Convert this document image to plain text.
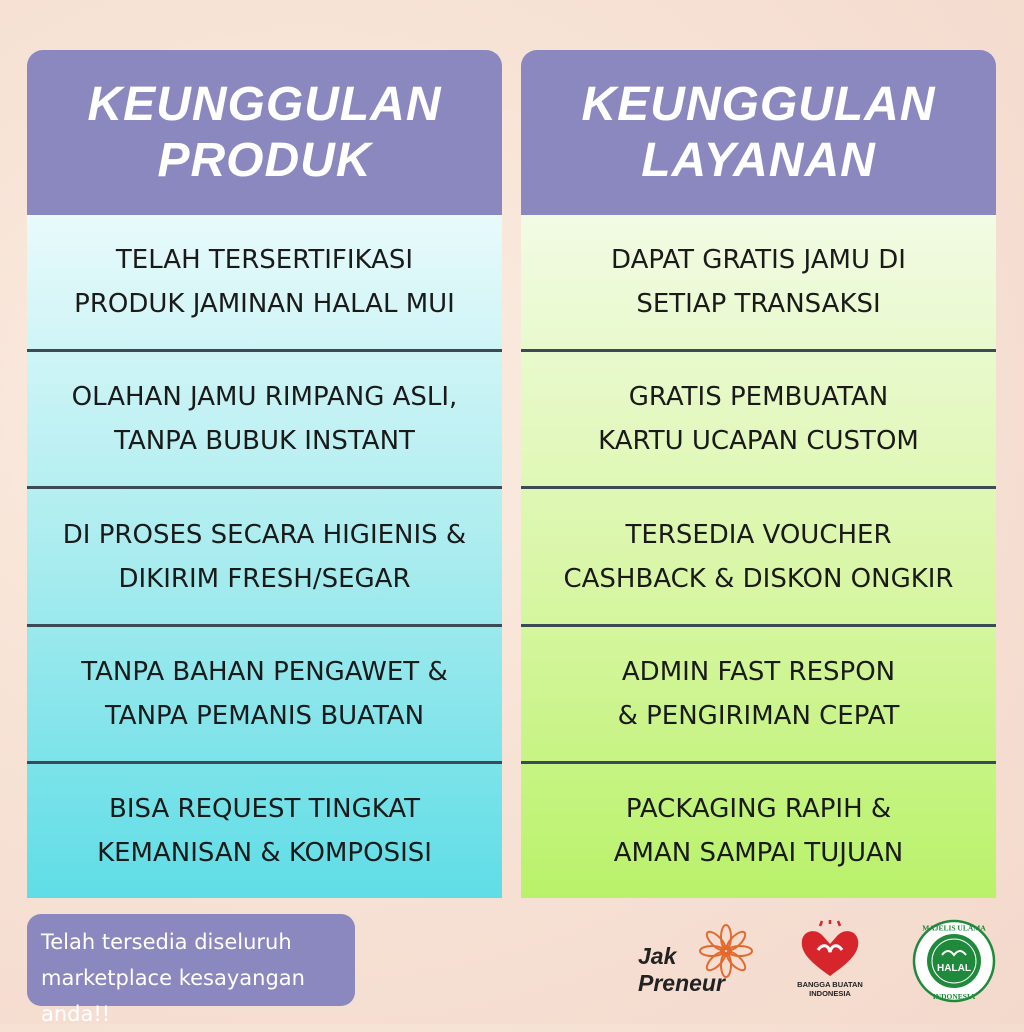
KEUNGGULAN
PRODUK
TELAH TERSERTIFIKASI
PRODUK JAMINAN HALAL MUI
OLAHAN JAMU RIMPANG ASLI,
TANPA BUBUK INSTANT
DI PROSES SECARA HIGIENIS &
DIKIRIM FRESH/SEGAR
TANPA BAHAN PENGAWET &
TANPA PEMANIS BUATAN
BISA REQUEST TINGKAT
KEMANISAN & KOMPOSISI
KEUNGGULAN
LAYANAN
DAPAT GRATIS JAMU DI
SETIAP TRANSAKSI
GRATIS PEMBUATAN
KARTU UCAPAN CUSTOM
TERSEDIA VOUCHER
CASHBACK & DISKON ONGKIR
ADMIN FAST RESPON
& PENGIRIMAN CEPAT
PACKAGING RAPIH &
AMAN SAMPAI TUJUAN
Telah tersedia diseluruh
marketplace kesayangan anda!!
Jak
Preneur	BANGGA BUATAN
INDONESIA
MAJELIS ULAMA
INDONESIA
HALAL
